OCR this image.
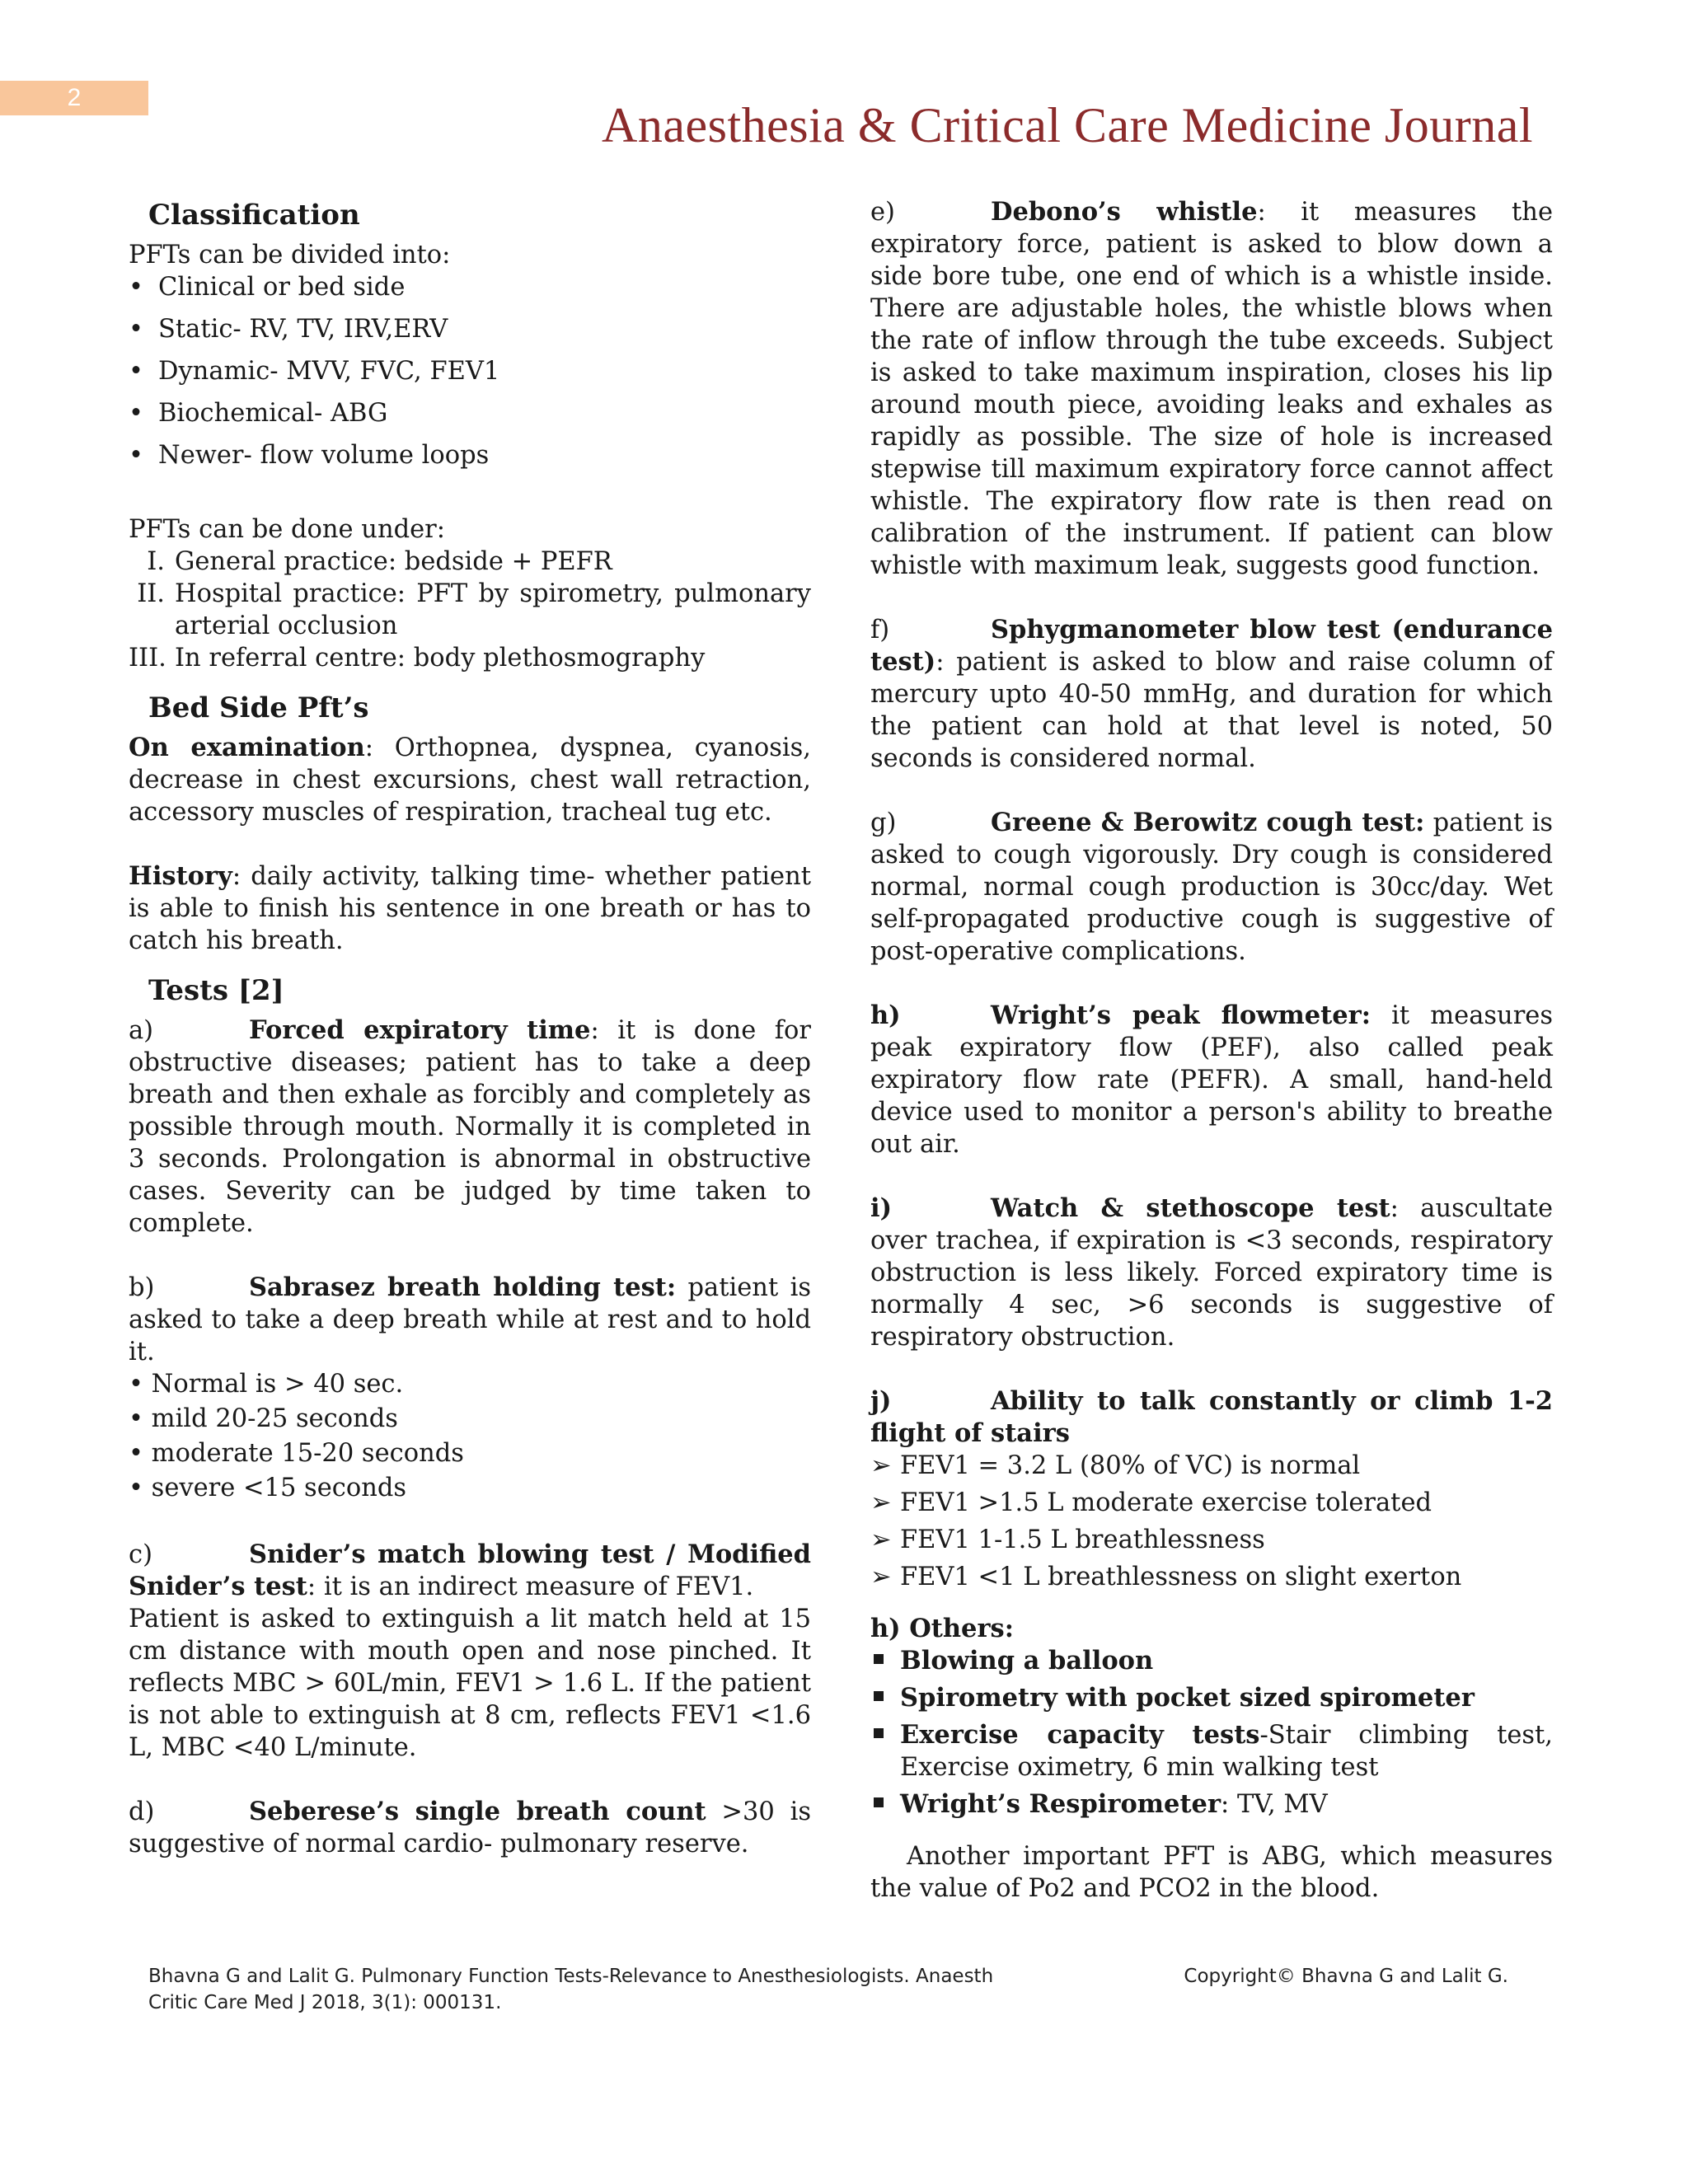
2
Anaesthesia & Critical Care Medicine Journal
Classification

PFTs can be divided into:

• Clinical or bed side
• Static- RV, TV, IRV,ERV
• Dynamic- MVV, FVC, FEV1
• Biochemical- ABG
• Newer- flow volume loops

PFTs can be done under:

I. General practice: bedside + PEFR
II. Hospital practice: PFT by spirometry, pulmonary arterial occlusion
III. In referral centre: body plethosmography
Bed Side Pft’s

On examination: Orthopnea, dyspnea, cyanosis, decrease in chest excursions, chest wall retraction, accessory muscles of respiration, tracheal tug etc.

History: daily activity, talking time- whether patient is able to finish his sentence in one breath or has to catch his breath.

Tests [2]

a)	Forced expiratory time: it is done for obstructive diseases; patient has to take a deep breath and then exhale as forcibly and completely as possible through mouth. Normally it is completed in 3 seconds. Prolongation is abnormal in obstructive cases. Severity can be judged by time taken to complete.

b)	Sabrasez breath holding test: patient is asked to take a deep breath while at rest and to hold it.

• Normal is > 40 sec.
• mild 20-25 seconds
• moderate 15-20 seconds
• severe <15 seconds

c)	Snider’s match blowing test / Modified Snider’s test: it is an indirect measure of FEV1.

Patient is asked to extinguish a lit match held at 15 cm distance with mouth open and nose pinched. It reflects MBC > 60L/min, FEV1 > 1.6 L. If the patient is not able to extinguish at 8 cm, reflects FEV1 <1.6 L, MBC <40 L/minute.

d)	Seberese’s single breath count >30 is suggestive of normal cardio- pulmonary reserve.

e)	Debono’s whistle: it measures the expiratory force, patient is asked to blow down a side bore tube, one end of which is a whistle inside. There are adjustable holes, the whistle blows when the rate of inflow through the tube exceeds. Subject is asked to take maximum inspiration, closes his lip around mouth piece, avoiding leaks and exhales as rapidly as possible. The size of hole is increased stepwise till maximum expiratory force cannot affect whistle. The expiratory flow rate is then read on calibration of the instrument. If patient can blow whistle with maximum leak, suggests good function.

f)	Sphygmanometer blow test (endurance test): patient is asked to blow and raise column of mercury upto 40-50 mmHg, and duration for which the patient can hold at that level is noted, 50 seconds is considered normal.

g)	Greene & Berowitz cough test: patient is asked to cough vigorously. Dry cough is considered normal, normal cough production is 30cc/day. Wet self-propagated productive cough is suggestive of post-operative complications.

h)	Wright’s peak flowmeter: it measures peak expiratory flow (PEF), also called peak expiratory flow rate (PEFR). A small, hand-held device used to monitor a person's ability to breathe out air.

i)	Watch & stethoscope test: auscultate over trachea, if expiration is <3 seconds, respiratory obstruction is less likely. Forced expiratory time is normally 4 sec, >6 seconds is suggestive of respiratory obstruction.

j)	Ability to talk constantly or climb 1-2 flight of stairs

➢ FEV1 = 3.2 L (80% of VC) is normal
➢ FEV1 >1.5 L moderate exercise tolerated
➢ FEV1 1-1.5 L breathlessness
➢ FEV1 <1 L breathlessness on slight exerton

h) Others:

Blowing a balloon
Spirometry with pocket sized spirometer
Exercise capacity tests-Stair climbing test, Exercise oximetry, 6 min walking test
Wright’s Respirometer: TV, MV

Another important PFT is ABG, which measures the value of Po2 and PCO2 in the blood.

Bhavna G and Lalit G. Pulmonary Function Tests-Relevance to Anesthesiologists. Anaesth Critic Care Med J 2018, 3(1): 000131.
Copyright© Bhavna G and Lalit G.
